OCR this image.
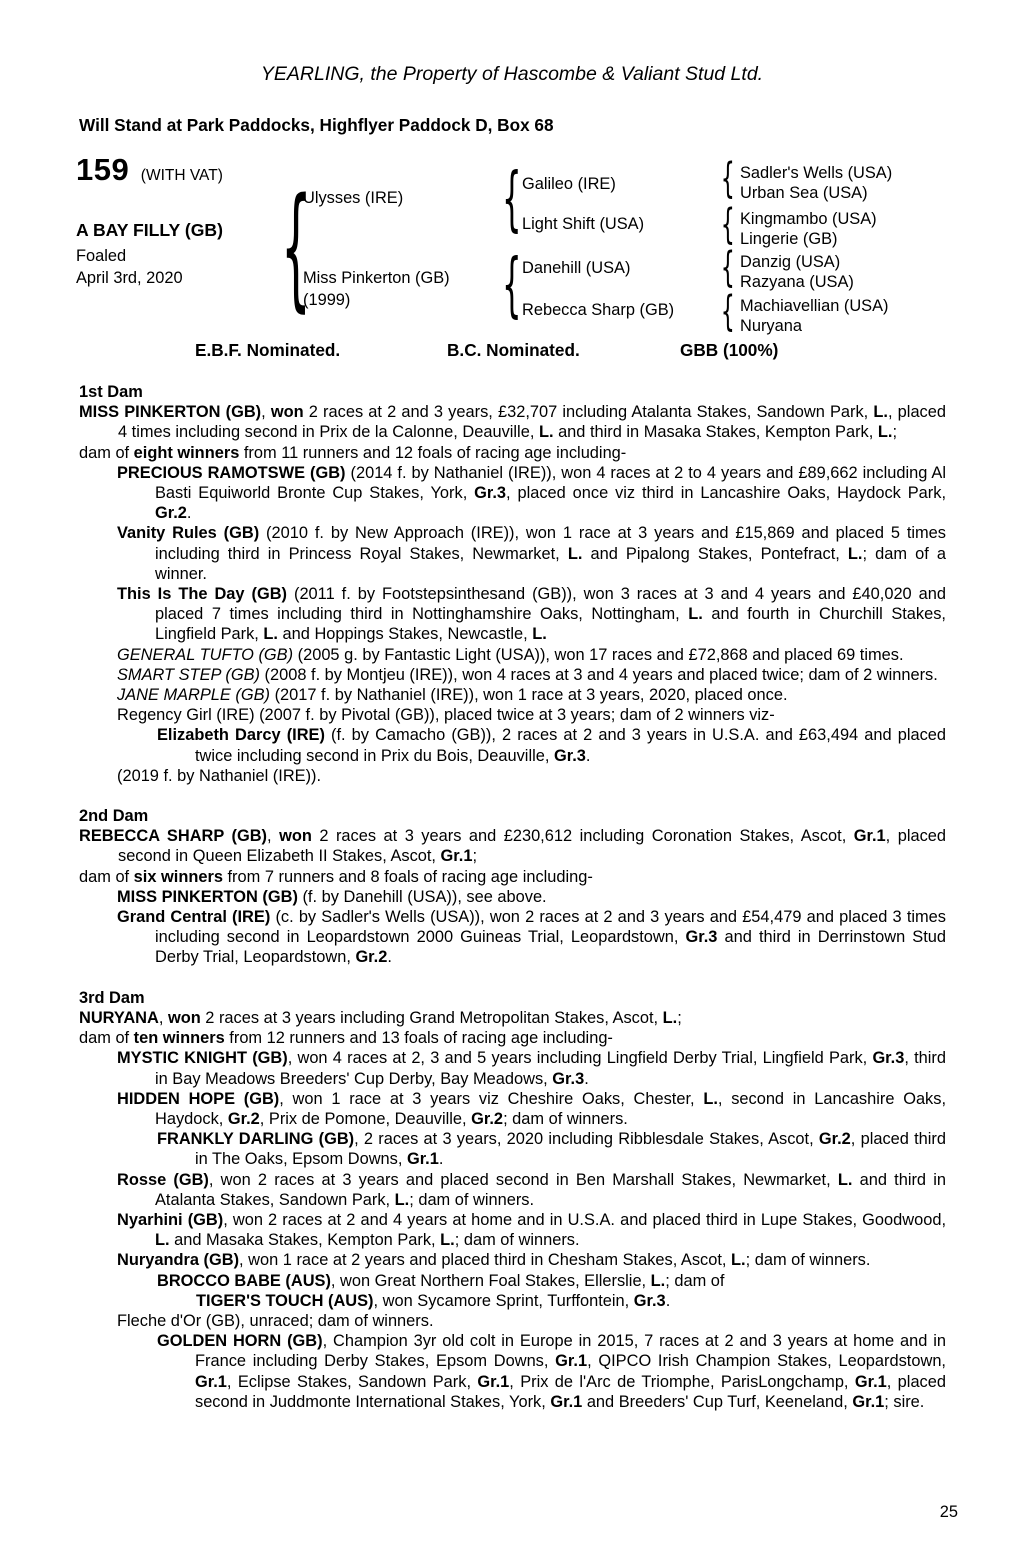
YEARLING, the Property of Hascombe & Valiant Stud Ltd.
Will Stand at Park Paddocks, Highflyer Paddock D, Box 68
159 (WITH VAT)
A BAY FILLY (GB)
Foaled
April 3rd, 2020 {
Ulysses (IRE)
Miss Pinkerton (GB)
(1999)
{
{
Galileo (IRE)
Light Shift (USA)
Danehill (USA)
Rebecca Sharp (GB)
{
{
{
{
Sadler's Wells (USA)
Urban Sea (USA)
Kingmambo (USA)
Lingerie (GB)
Danzig (USA)
Razyana (USA)
Machiavellian (USA)
Nuryana
E.B.F. Nominated.	B.C. Nominated.	GBB (100%)
1st Dam

MISS PINKERTON (GB), won 2 races at 2 and 3 years, £32,707 including Atalanta Stakes, Sandown Park, L., placed 4 times including second in Prix de la Calonne, Deauville, L. and third in Masaka Stakes, Kempton Park, L.;

dam of eight winners from 11 runners and 12 foals of racing age including-

PRECIOUS RAMOTSWE (GB) (2014 f. by Nathaniel (IRE)), won 4 races at 2 to 4 years and £89,662 including Al Basti Equiworld Bronte Cup Stakes, York, Gr.3, placed once viz third in Lancashire Oaks, Haydock Park, Gr.2.

Vanity Rules (GB) (2010 f. by New Approach (IRE)), won 1 race at 3 years and £15,869 and placed 5 times including third in Princess Royal Stakes, Newmarket, L. and Pipalong Stakes, Pontefract, L.; dam of a winner.

This Is The Day (GB) (2011 f. by Footstepsinthesand (GB)), won 3 races at 3 and 4 years and £40,020 and placed 7 times including third in Nottinghamshire Oaks, Nottingham, L. and fourth in Churchill Stakes, Lingfield Park, L. and Hoppings Stakes, Newcastle, L.

GENERAL TUFTO (GB) (2005 g. by Fantastic Light (USA)), won 17 races and £72,868 and placed 69 times.

SMART STEP (GB) (2008 f. by Montjeu (IRE)), won 4 races at 3 and 4 years and placed twice; dam of 2 winners.

JANE MARPLE (GB) (2017 f. by Nathaniel (IRE)), won 1 race at 3 years, 2020, placed once.

Regency Girl (IRE) (2007 f. by Pivotal (GB)), placed twice at 3 years; dam of 2 winners viz-

Elizabeth Darcy (IRE) (f. by Camacho (GB)), 2 races at 2 and 3 years in U.S.A. and £63,494 and placed twice including second in Prix du Bois, Deauville, Gr.3.

(2019 f. by Nathaniel (IRE)).

2nd Dam

REBECCA SHARP (GB), won 2 races at 3 years and £230,612 including Coronation Stakes, Ascot, Gr.1, placed second in Queen Elizabeth II Stakes, Ascot, Gr.1;

dam of six winners from 7 runners and 8 foals of racing age including-

MISS PINKERTON (GB) (f. by Danehill (USA)), see above.

Grand Central (IRE) (c. by Sadler's Wells (USA)), won 2 races at 2 and 3 years and £54,479 and placed 3 times including second in Leopardstown 2000 Guineas Trial, Leopardstown, Gr.3 and third in Derrinstown Stud Derby Trial, Leopardstown, Gr.2.

3rd Dam

NURYANA, won 2 races at 3 years including Grand Metropolitan Stakes, Ascot, L.;

dam of ten winners from 12 runners and 13 foals of racing age including-

MYSTIC KNIGHT (GB), won 4 races at 2, 3 and 5 years including Lingfield Derby Trial, Lingfield Park, Gr.3, third in Bay Meadows Breeders' Cup Derby, Bay Meadows, Gr.3.

HIDDEN HOPE (GB), won 1 race at 3 years viz Cheshire Oaks, Chester, L., second in Lancashire Oaks, Haydock, Gr.2, Prix de Pomone, Deauville, Gr.2; dam of winners.

FRANKLY DARLING (GB), 2 races at 3 years, 2020 including Ribblesdale Stakes, Ascot, Gr.2, placed third in The Oaks, Epsom Downs, Gr.1.

Rosse (GB), won 2 races at 3 years and placed second in Ben Marshall Stakes, Newmarket, L. and third in Atalanta Stakes, Sandown Park, L.; dam of winners.

Nyarhini (GB), won 2 races at 2 and 4 years at home and in U.S.A. and placed third in Lupe Stakes, Goodwood, L. and Masaka Stakes, Kempton Park, L.; dam of winners.

Nuryandra (GB), won 1 race at 2 years and placed third in Chesham Stakes, Ascot, L.; dam of winners.

BROCCO BABE (AUS), won Great Northern Foal Stakes, Ellerslie, L.; dam of

TIGER'S TOUCH (AUS), won Sycamore Sprint, Turffontein, Gr.3.

Fleche d'Or (GB), unraced; dam of winners.

GOLDEN HORN (GB), Champion 3yr old colt in Europe in 2015, 7 races at 2 and 3 years at home and in France including Derby Stakes, Epsom Downs, Gr.1, QIPCO Irish Champion Stakes, Leopardstown, Gr.1, Eclipse Stakes, Sandown Park, Gr.1, Prix de l'Arc de Triomphe, ParisLongchamp, Gr.1, placed second in Juddmonte International Stakes, York, Gr.1 and Breeders' Cup Turf, Keeneland, Gr.1; sire.

25
